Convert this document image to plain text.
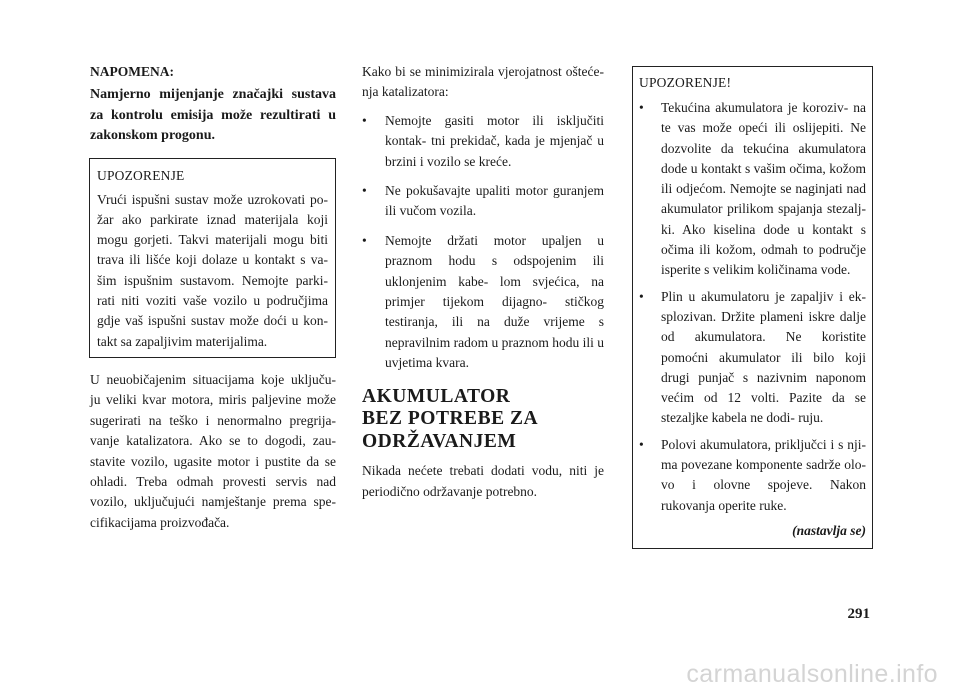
NAPOMENA:

Namjerno mijenjanje značajki sustava za kontrolu emisija može rezultirati u zakonskom progonu.

UPOZORENJE

Vrući ispušni sustav može uzrokovati po- žar ako parkirate iznad materijala koji mogu gorjeti. Takvi materijali mogu biti trava ili lišće koji dolaze u kontakt s va- šim ispušnim sustavom. Nemojte parki- rati niti voziti vaše vozilo u područjima gdje vaš ispušni sustav može doći u kon- takt sa zapaljivim materijalima.

U neuobičajenim situacijama koje uključu- ju veliki kvar motora, miris paljevine može sugerirati na teško i nenormalno pregrija- vanje katalizatora. Ako se to dogodi, zau- stavite vozilo, ugasite motor i pustite da se ohladi. Treba odmah provesti servis nad vozilo, uključujući namještanje prema spe- cifikacijama proizvođača.

Kako bi se minimizirala vjerojatnost ošteće- nja katalizatora:

•	Nemojte gasiti motor ili isključiti kontak- tni prekidač, kada je mjenjač u brzini i vozilo se kreće.
•	Ne pokušavajte upaliti motor guranjem ili vučom vozila.
•	Nemojte držati motor upaljen u praznom hodu s odspojenim ili uklonjenim kabe- lom svjećica, na primjer tijekom dijagno- stičkog testiranja, ili na duže vrijeme s nepravilnim radom u praznom hodu ili u uvjetima kvara.
AKUMULATOR
BEZ POTREBE ZA
ODRŽAVANJEM

Nikada nećete trebati dodati vodu, niti je periodično održavanje potrebno.

UPOZORENJE!

•	Tekućina akumulatora je koroziv- na te vas može opeći ili oslijepiti. Ne dozvolite da tekućina akumulatora dode u kontakt s vašim očima, kožom ili odjećom. Nemojte se naginjati nad akumulator prilikom spajanja stezalj- ki. Ako kiselina dode u kontakt s očima ili kožom, odmah to područje isperite s velikim količinama vode.
•	Plin u akumulatoru je zapaljiv i ek- splozivan. Držite plameni iskre dalje od akumulatora. Ne koristite pomoćni akumulator ili bilo koji drugi punjač s nazivnim naponom većim od 12 volti. Pazite da se stezaljke kabela ne dodi- ruju.
•	Polovi akumulatora, priključci i s nji- ma povezane komponente sadrže olo- vo i olovne spojeve. Nakon rukovanja operite ruke.

(nastavlja se)

291
carmanualsonline.info
